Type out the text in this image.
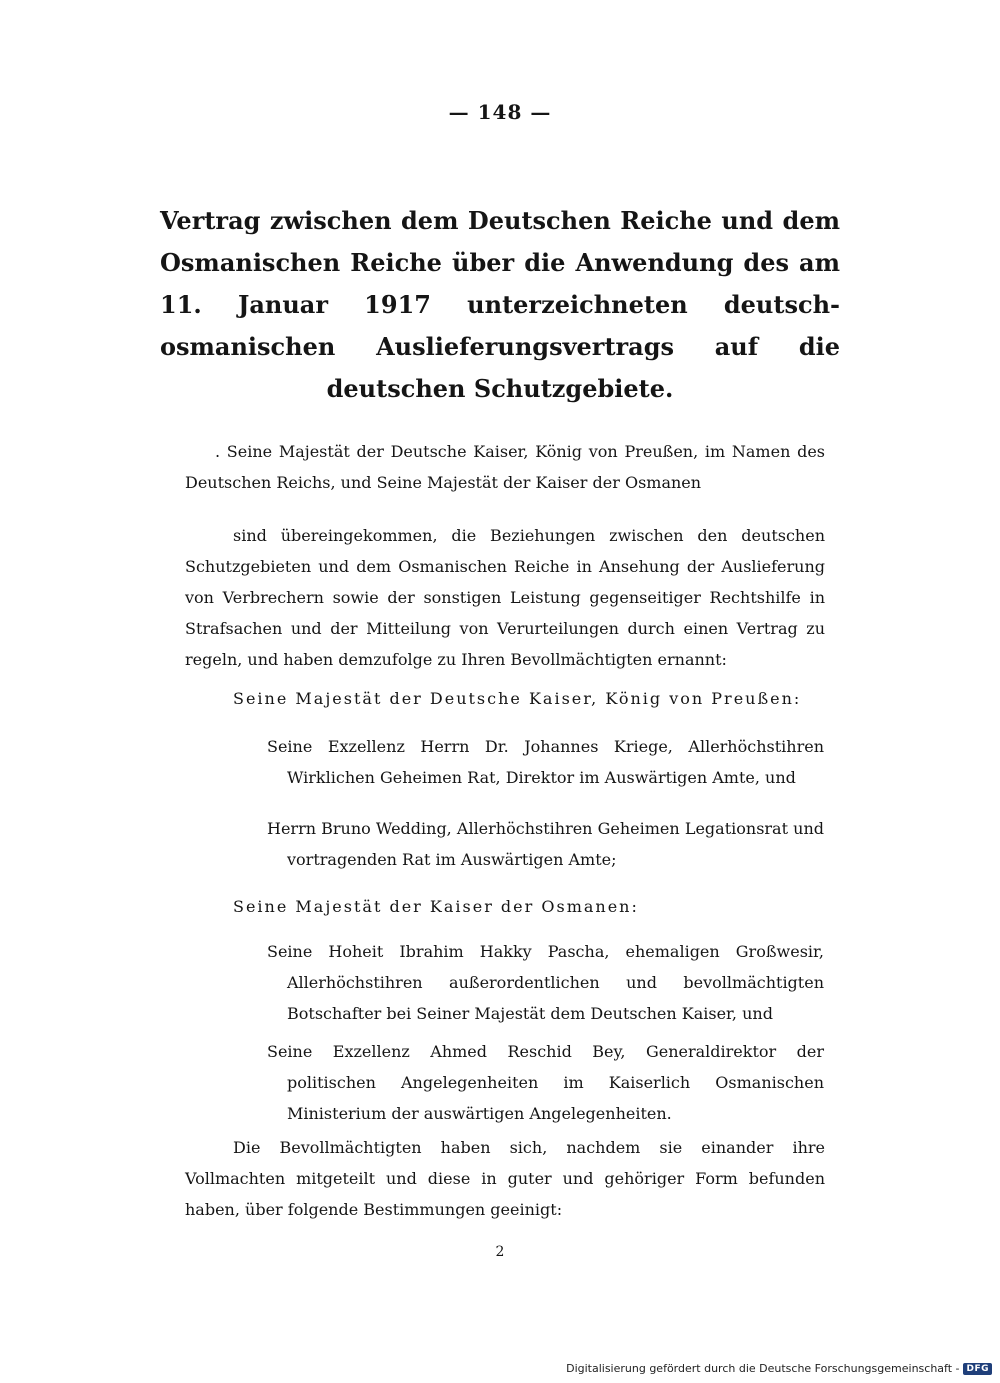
— 148 —
Vertrag zwischen dem Deutschen Reiche und dem Osmanischen Reiche über die Anwendung des am 11. Januar 1917 unterzeichneten deutsch-osmanischen Auslieferungsvertrags auf die deutschen Schutzgebiete.

. Seine Majestät der Deutsche Kaiser, König von Preußen, im Namen des Deutschen Reichs, und Seine Majestät der Kaiser der Osmanen

sind übereingekommen, die Beziehungen zwischen den deutschen Schutzgebieten und dem Osmanischen Reiche in Ansehung der Auslieferung von Verbrechern sowie der sonstigen Leistung gegenseitiger Rechtshilfe in Strafsachen und der Mitteilung von Verurteilungen durch einen Vertrag zu regeln, und haben demzufolge zu Ihren Bevollmächtigten ernannt:

Seine Majestät der Deutsche Kaiser, König von Preußen:

Seine Exzellenz Herrn Dr. Johannes Kriege, Allerhöchstihren Wirklichen Geheimen Rat, Direktor im Auswärtigen Amte, und

Herrn Bruno Wedding, Allerhöchstihren Geheimen Legationsrat und vortragenden Rat im Auswärtigen Amte;

Seine Majestät der Kaiser der Osmanen:

Seine Hoheit Ibrahim Hakky Pascha, ehemaligen Großwesir, Allerhöchstihren außerordentlichen und bevollmächtigten Botschafter bei Seiner Majestät dem Deutschen Kaiser, und

Seine Exzellenz Ahmed Reschid Bey, Generaldirektor der politischen Angelegenheiten im Kaiserlich Osmanischen Ministerium der auswärtigen Angelegenheiten.

Die Bevollmächtigten haben sich, nachdem sie einander ihre Vollmachten mitgeteilt und diese in guter und gehöriger Form befunden haben, über folgende Bestimmungen geeinigt:

2
Digitalisierung gefördert durch die Deutsche Forschungsgemeinschaft - DFG
